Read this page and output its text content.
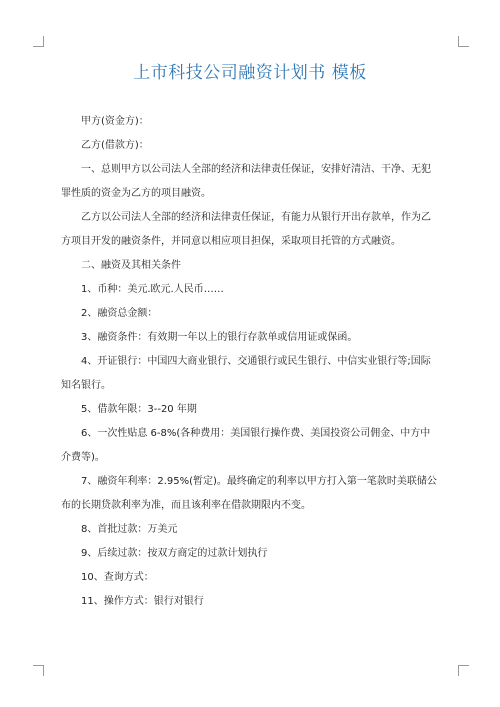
上市科技公司融资计划书 模板

甲方(资金方)：

乙方(借款方)：

一、总则甲方以公司法人全部的经济和法律责任保证，安排好清洁、干净、无犯

罪性质的资金为乙方的项目融资。

乙方以公司法人全部的经济和法律责任保证，有能力从银行开出存款单，作为乙

方项目开发的融资条件，并同意以相应项目担保，采取项目托管的方式融资。

二、融资及其相关条件

1、币种：美元.欧元.人民币……

2、融资总金额：

3、融资条件：有效期一年以上的银行存款单或信用证或保函。

4、开证银行：中国四大商业银行、交通银行或民生银行、中信实业银行等;国际

知名银行。

5、借款年限：3--20 年期

6、一次性贴息 6-8%(各种费用：美国银行操作费、美国投资公司佣金、中方中

介费等)。

7、融资年利率：2.95%(暂定)。最终确定的利率以甲方打入第一笔款时美联储公

布的长期贷款利率为准，而且该利率在借款期限内不变。

8、首批过款：万美元

9、后续过款：按双方商定的过款计划执行

10、查询方式：

11、操作方式：银行对银行
